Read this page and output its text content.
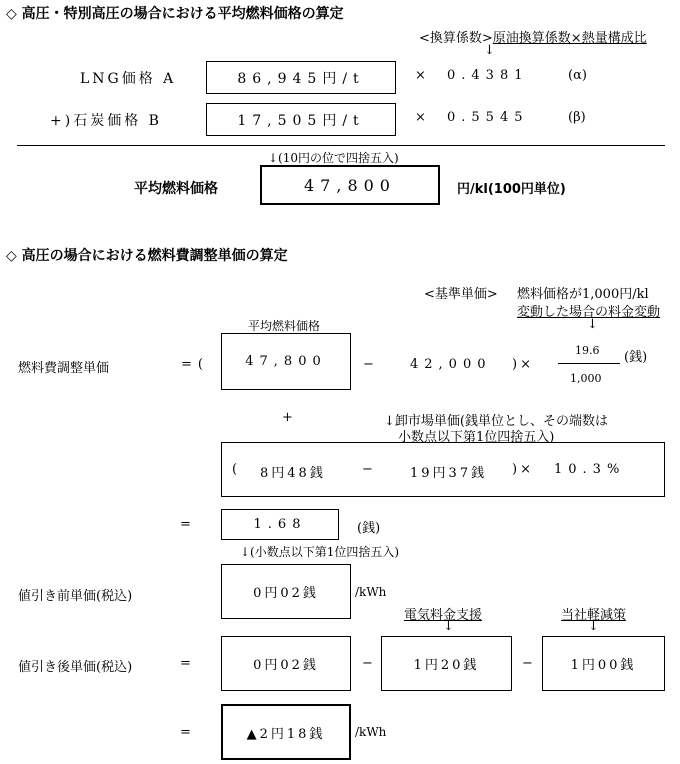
◇ 高圧・特別高圧の場合における平均燃料価格の算定
<換算係数>原油換算係数×熱量構成比
↓
LNG価格 A	86,945円/t	× 0.4381	(α)
+)石炭価格 B	17,505円/t	× 0.5545	(β)
↓(10円の位で四捨五入)
平均燃料価格	47,800	円/kl(100円単位)
◇ 高圧の場合における燃料費調整単価の算定
<基準単価> 燃料価格が1,000円/kl
変動した場合の料金変動
↓
平均燃料価格
燃料費調整単価	=(	47,800	−	42,000 )×
19.6
1,000
(銭)
+	↓卸市場単価(銭単位とし、その端数は
小数点以下第1位四捨五入)
( 8円48銭	−	19円37銭 )× 10.3%
=	1.68	(銭)
↓(小数点以下第1位四捨五入)
値引き前単価(税込)	0円02銭	/kWh
電気料金支援
↓
当社軽減策
↓
値引き後単価(税込)	=	0円02銭	−	1円20銭	−	1円00銭
=	▲2円18銭 /kWh
